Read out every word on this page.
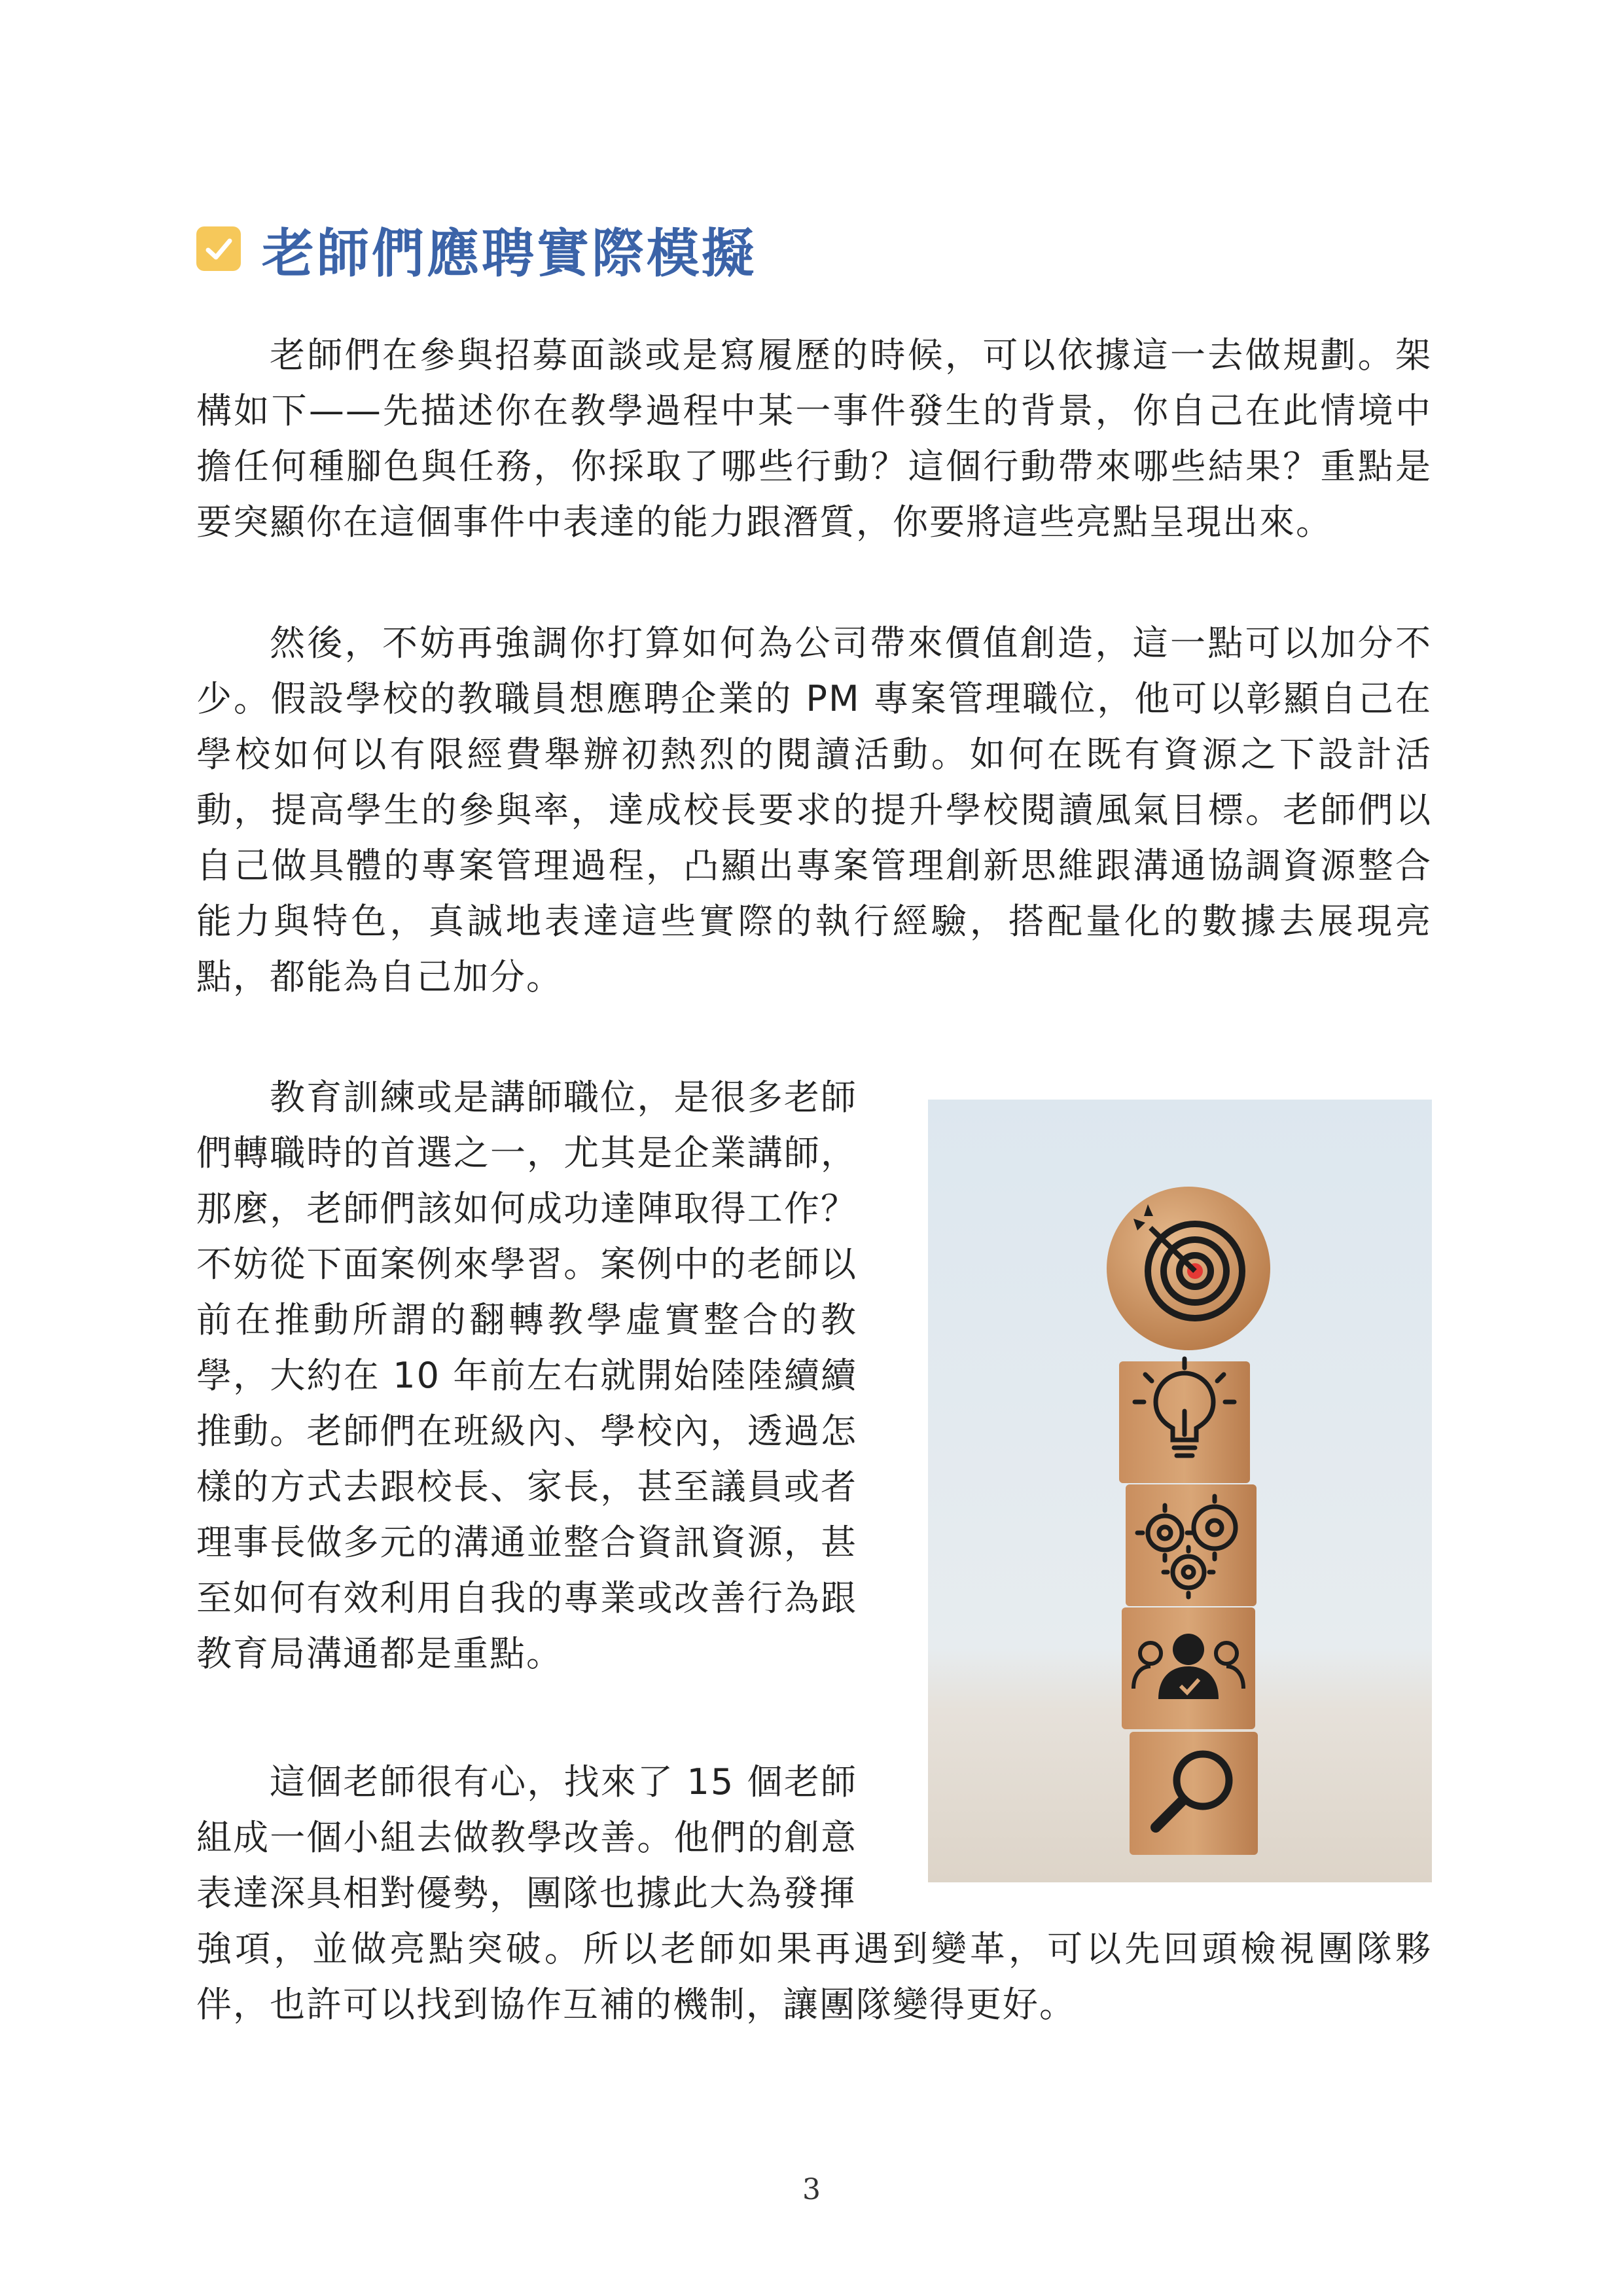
老師們應聘實際模擬

老師們在參與招募面談或是寫履歷的時候，可以依據這一去做規劃。架構如下——先描述你在教學過程中某一事件發生的背景，你自己在此情境中擔任何種腳色與任務，你採取了哪些行動？這個行動帶來哪些結果？重點是要突顯你在這個事件中表達的能力跟潛質，你要將這些亮點呈現出來。

然後，不妨再強調你打算如何為公司帶來價值創造，這一點可以加分不少。假設學校的教職員想應聘企業的 PM 專案管理職位，他可以彰顯自己在學校如何以有限經費舉辦初熱烈的閱讀活動。如何在既有資源之下設計活動，提高學生的參與率，達成校長要求的提升學校閱讀風氣目標。老師們以自己做具體的專案管理過程，凸顯出專案管理創新思維跟溝通協調資源整合能力與特色，真誠地表達這些實際的執行經驗，搭配量化的數據去展現亮點，都能為自己加分。

教育訓練或是講師職位，是很多老師們轉職時的首選之一，尤其是企業講師，那麼，老師們該如何成功達陣取得工作？不妨從下面案例來學習。案例中的老師以前在推動所謂的翻轉教學虛實整合的教學，大約在 10 年前左右就開始陸陸續續推動。老師們在班級內、學校內，透過怎樣的方式去跟校長、家長，甚至議員或者理事長做多元的溝通並整合資訊資源，甚至如何有效利用自我的專業或改善行為跟教育局溝通都是重點。

這個老師很有心，找來了 15 個老師組成一個小組去做教學改善。他們的創意表達深具相對優勢，團隊也據此大為發揮

強項，並做亮點突破。所以老師如果再遇到變革，可以先回頭檢視團隊夥伴，也許可以找到協作互補的機制，讓團隊變得更好。

3
